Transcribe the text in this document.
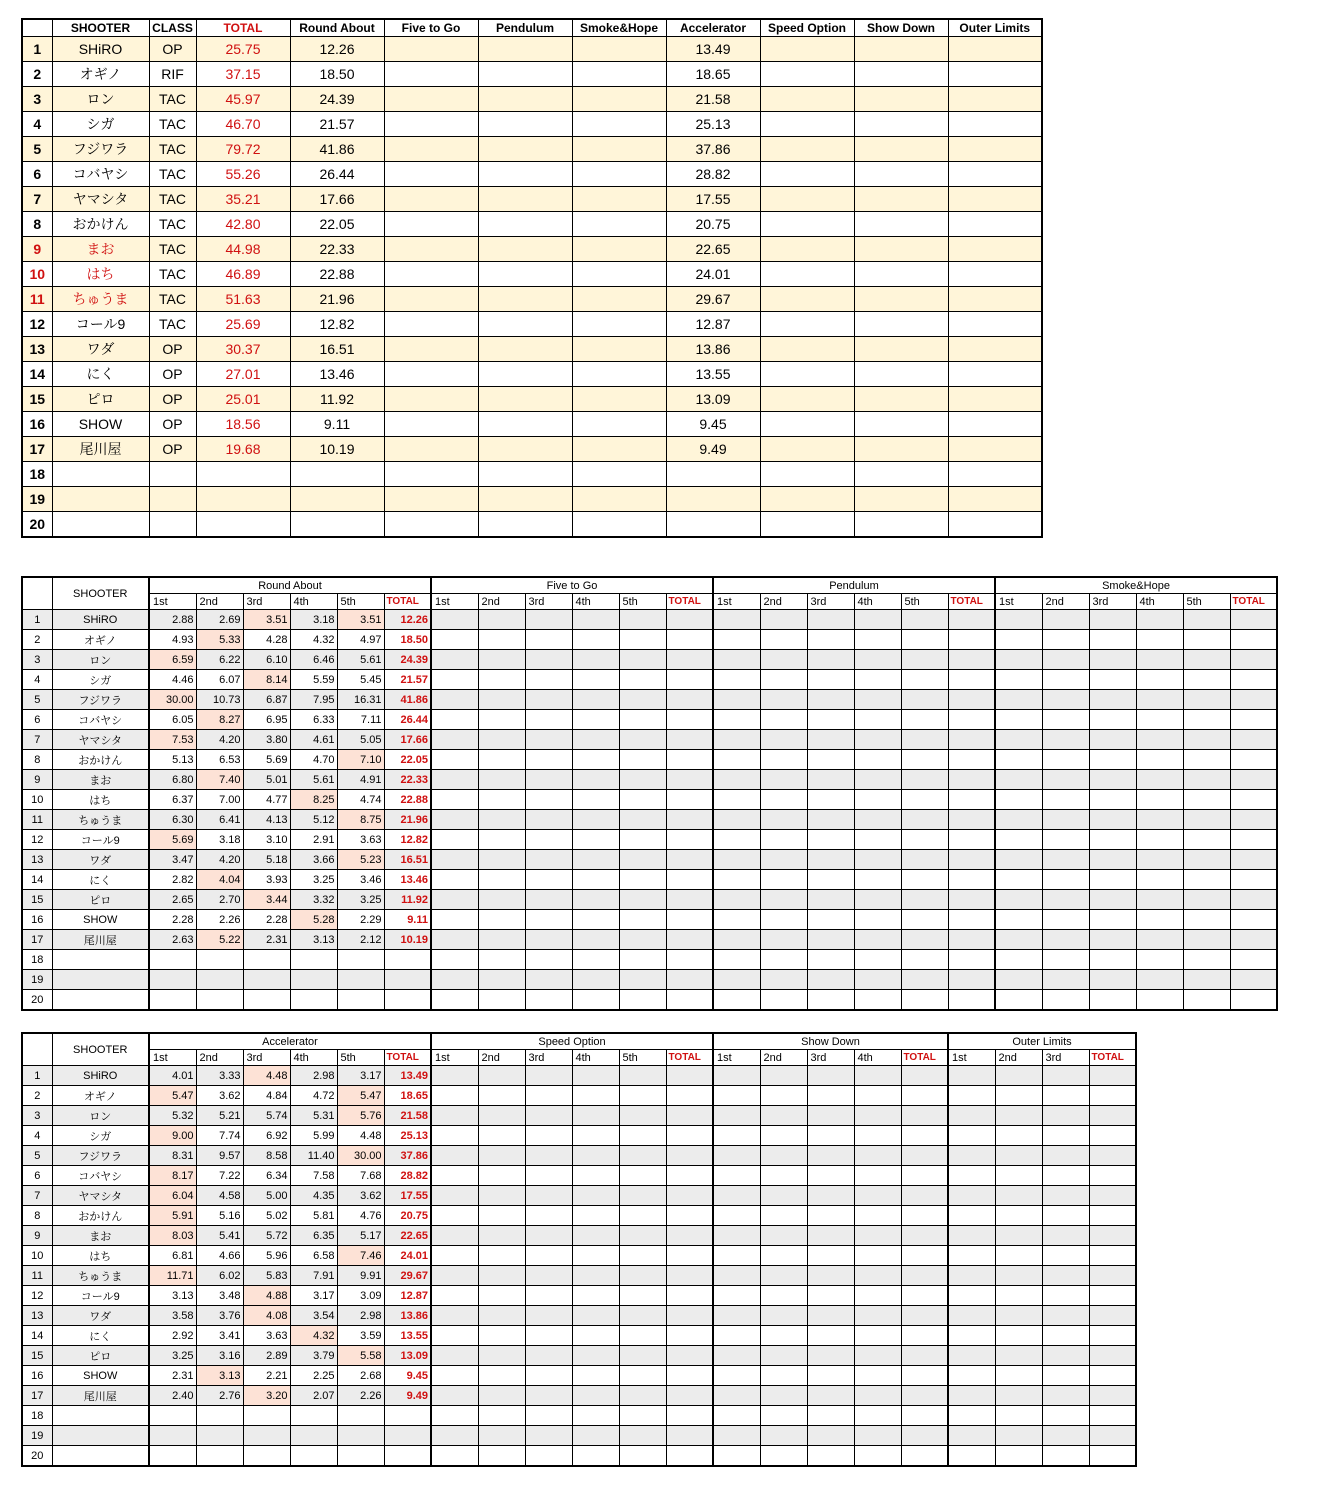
	SHOOTER	CLASS	TOTAL	Round About	Five to Go	Pendulum	Smoke&Hope	Accelerator	Speed Option	Show Down	Outer Limits
1	SHiRO	OP	25.75	12.26				13.49			
2	オギノ	RIF	37.15	18.50				18.65			
3	ロン	TAC	45.97	24.39				21.58			
4	シガ	TAC	46.70	21.57				25.13			
5	フジワラ	TAC	79.72	41.86				37.86			
6	コバヤシ	TAC	55.26	26.44				28.82			
7	ヤマシタ	TAC	35.21	17.66				17.55			
8	おかけん	TAC	42.80	22.05				20.75			
9	まお	TAC	44.98	22.33				22.65			
10	はち	TAC	46.89	22.88				24.01			
11	ちゅうま	TAC	51.63	21.96				29.67			
12	コール9	TAC	25.69	12.82				12.87			
13	ワダ	OP	30.37	16.51				13.86			
14	にく	OP	27.01	13.46				13.55			
15	ピロ	OP	25.01	11.92				13.09			
16	SHOW	OP	18.56	9.11				9.45			
17	尾川屋	OP	19.68	10.19				9.49			
18											
19											
20											
	SHOOTER	Round About						Five to Go						Pendulum						Smoke&Hope					
		1st	2nd	3rd	4th	5th	TOTAL	1st	2nd	3rd	4th	5th	TOTAL	1st	2nd	3rd	4th	5th	TOTAL	1st	2nd	3rd	4th	5th	TOTAL
1	SHiRO	2.88	2.69	3.51	3.18	3.51	12.26																		
2	オギノ	4.93	5.33	4.28	4.32	4.97	18.50																		
3	ロン	6.59	6.22	6.10	6.46	5.61	24.39																		
4	シガ	4.46	6.07	8.14	5.59	5.45	21.57																		
5	フジワラ	30.00	10.73	6.87	7.95	16.31	41.86																		
6	コバヤシ	6.05	8.27	6.95	6.33	7.11	26.44																		
7	ヤマシタ	7.53	4.20	3.80	4.61	5.05	17.66																		
8	おかけん	5.13	6.53	5.69	4.70	7.10	22.05																		
9	まお	6.80	7.40	5.01	5.61	4.91	22.33																		
10	はち	6.37	7.00	4.77	8.25	4.74	22.88																		
11	ちゅうま	6.30	6.41	4.13	5.12	8.75	21.96																		
12	コール9	5.69	3.18	3.10	2.91	3.63	12.82																		
13	ワダ	3.47	4.20	5.18	3.66	5.23	16.51																		
14	にく	2.82	4.04	3.93	3.25	3.46	13.46																		
15	ピロ	2.65	2.70	3.44	3.32	3.25	11.92																		
16	SHOW	2.28	2.26	2.28	5.28	2.29	9.11																		
17	尾川屋	2.63	5.22	2.31	3.13	2.12	10.19																		
18																									
19																									
20																									
	SHOOTER	Accelerator						Speed Option						Show Down					Outer Limits			
		1st	2nd	3rd	4th	5th	TOTAL	1st	2nd	3rd	4th	5th	TOTAL	1st	2nd	3rd	4th	TOTAL	1st	2nd	3rd	TOTAL
1	SHiRO	4.01	3.33	4.48	2.98	3.17	13.49															
2	オギノ	5.47	3.62	4.84	4.72	5.47	18.65															
3	ロン	5.32	5.21	5.74	5.31	5.76	21.58															
4	シガ	9.00	7.74	6.92	5.99	4.48	25.13															
5	フジワラ	8.31	9.57	8.58	11.40	30.00	37.86															
6	コバヤシ	8.17	7.22	6.34	7.58	7.68	28.82															
7	ヤマシタ	6.04	4.58	5.00	4.35	3.62	17.55															
8	おかけん	5.91	5.16	5.02	5.81	4.76	20.75															
9	まお	8.03	5.41	5.72	6.35	5.17	22.65															
10	はち	6.81	4.66	5.96	6.58	7.46	24.01															
11	ちゅうま	11.71	6.02	5.83	7.91	9.91	29.67															
12	コール9	3.13	3.48	4.88	3.17	3.09	12.87															
13	ワダ	3.58	3.76	4.08	3.54	2.98	13.86															
14	にく	2.92	3.41	3.63	4.32	3.59	13.55															
15	ピロ	3.25	3.16	2.89	3.79	5.58	13.09															
16	SHOW	2.31	3.13	2.21	2.25	2.68	9.45															
17	尾川屋	2.40	2.76	3.20	2.07	2.26	9.49															
18																						
19																						
20																						
